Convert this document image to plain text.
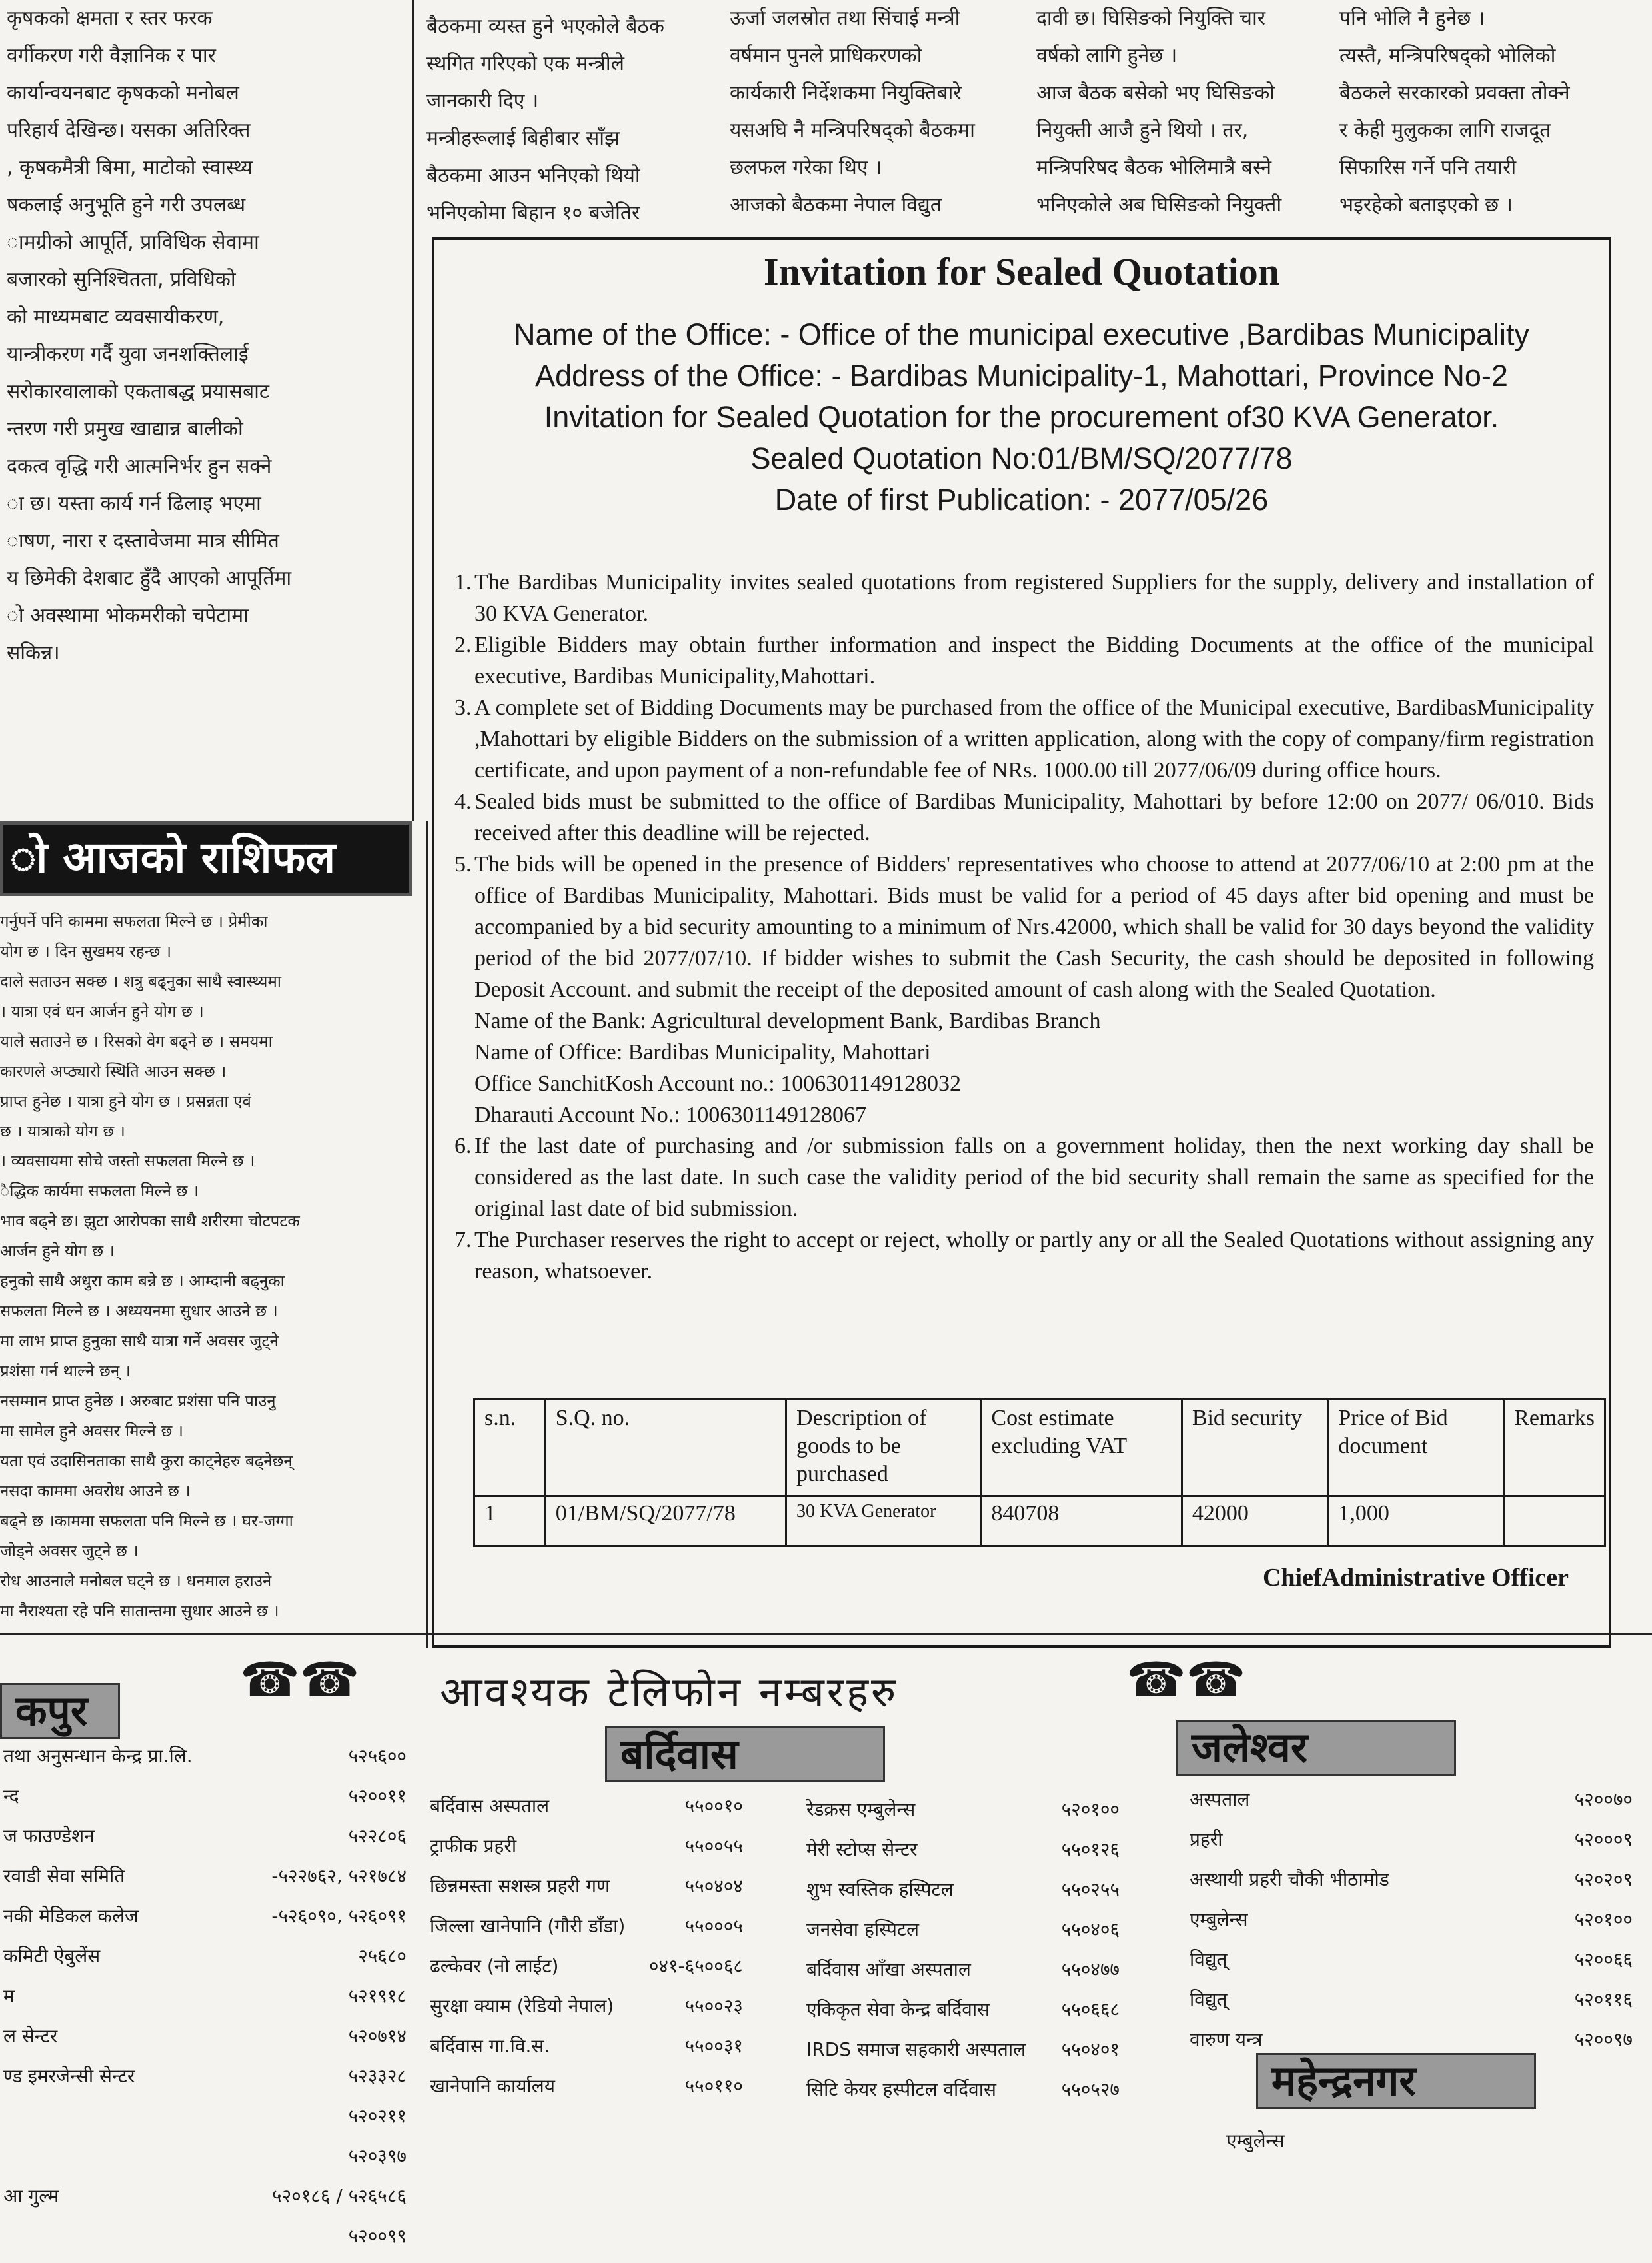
कृषकको क्षमता र स्तर फरक

वर्गीकरण गरी वैज्ञानिक र पार

कार्यान्वयनबाट कृषकको मनोबल

परिहार्य देखिन्छ। यसका अतिरिक्त

, कृषकमैत्री बिमा, माटोको स्वास्थ्य

षकलाई अनुभूति हुने गरी उपलब्ध

ामग्रीको आपूर्ति, प्राविधिक सेवामा

बजारको सुनिश्चितता, प्रविधिको

को माध्यमबाट व्यवसायीकरण,

यान्त्रीकरण गर्दै युवा जनशक्तिलाई

सरोकारवालाको एकताबद्ध प्रयासबाट

न्तरण गरी प्रमुख खाद्यान्न बालीको

दकत्व वृद्धि गरी आत्मनिर्भर हुन सक्ने

ा छ। यस्ता कार्य गर्न ढिलाइ भएमा

ाषण, नारा र दस्तावेजमा मात्र सीमित

य छिमेकी देशबाट हुँदै आएको आपूर्तिमा

ो अवस्थामा भोकमरीको चपेटामा

सकिन्न।

बैठकमा व्यस्त हुने भएकोले बैठक

स्थगित गरिएको एक मन्त्रीले

जानकारी दिए ।

मन्त्रीहरूलाई बिहीबार साँझ

बैठकमा आउन भनिएको थियो

भनिएकोमा बिहान १० बजेतिर

ऊर्जा जलस्रोत तथा सिंचाई मन्त्री

वर्षमान पुनले प्राधिकरणको

कार्यकारी निर्देशकमा नियुक्तिबारे

यसअघि नै मन्त्रिपरिषद्को बैठकमा

छलफल गरेका थिए ।

आजको बैठकमा नेपाल विद्युत

दावी छ। घिसिङको नियुक्ति चार

वर्षको लागि हुनेछ ।

आज बैठक बसेको भए घिसिङको

नियुक्ती आजै हुने थियो । तर,

मन्त्रिपरिषद बैठक भोलिमात्रै बस्ने

भनिएकोले अब घिसिङको नियुक्ती

पनि भोलि नै हुनेछ ।

त्यस्तै, मन्त्रिपरिषद्को भोलिको

बैठकले सरकारको प्रवक्ता तोक्ने

र केही मुलुकका लागि राजदूत

सिफारिस गर्ने पनि तयारी

भइरहेको बताइएको छ ।

ो आजको राशिफल

गर्नुपर्ने पनि काममा सफलता मिल्ने छ । प्रेमीका

योग छ । दिन सुखमय रहन्छ ।

दाले सताउन सक्छ । शत्रु बढ्नुका साथै स्वास्थ्यमा

। यात्रा एवं धन आर्जन हुने योग छ ।

याले सताउने छ । रिसको वेग बढ्ने छ । समयमा

कारणले अप्ठ्यारो स्थिति आउन सक्छ ।

प्राप्त हुनेछ । यात्रा हुने योग छ । प्रसन्नता एवं

छ । यात्राको योग छ ।

। व्यवसायमा सोचे जस्तो सफलता मिल्ने छ ।

ैद्धिक कार्यमा सफलता मिल्ने छ ।

भाव बढ्ने छ। झुटा आरोपका साथै शरीरमा चोटपटक

आर्जन हुने योग छ ।

हनुको साथै अधुरा काम बन्ने छ । आम्दानी बढ्नुका

सफलता मिल्ने छ । अध्ययनमा सुधार आउने छ ।

मा लाभ प्राप्त हुनुका साथै यात्रा गर्ने अवसर जुट्ने

प्रशंसा गर्न थाल्ने छन् ।

नसम्मान प्राप्त हुनेछ । अरुबाट प्रशंसा पनि पाउनु

मा सामेल हुने अवसर मिल्ने छ ।

यता एवं उदासिनताका साथै कुरा काट्नेहरु बढ्नेछन्

नसदा काममा अवरोध आउने छ ।

बढ्ने छ ।काममा सफलता पनि मिल्ने छ । घर-जग्गा

जोड्ने अवसर जुट्ने छ ।

रोध आउनाले मनोबल घट्ने छ । धनमाल हराउने

मा नैराश्यता रहे पनि सातान्तमा सुधार आउने छ ।

Invitation for Sealed Quotation
Name of the Office: - Office of the municipal executive ,Bardibas Municipality
Address of the Office: - Bardibas Municipality-1, Mahottari, Province No-2
Invitation for Sealed Quotation for the procurement of30 KVA Generator.
Sealed Quotation No:01/BM/SQ/2077/78
Date of first Publication: - 2077/05/26

1. The Bardibas Municipality invites sealed quotations from registered Suppliers for the supply, delivery and installation of 30 KVA Generator.

2. Eligible Bidders may obtain further information and inspect the Bidding Documents at the office of the municipal executive, Bardibas Municipality,Mahottari.

3. A complete set of Bidding Documents may be purchased from the office of the Municipal executive, BardibasMunicipality ,Mahottari by eligible Bidders on the submission of a written application, along with the copy of company/firm registration certificate, and upon payment of a non-refundable fee of NRs. 1000.00 till 2077/06/09 during office hours.

4. Sealed bids must be submitted to the office of Bardibas Municipality, Mahottari by before 12:00 on 2077/ 06/010. Bids received after this deadline will be rejected.

5. The bids will be opened in the presence of Bidders' representatives who choose to attend at 2077/06/10 at 2:00 pm at the office of Bardibas Municipality, Mahottari. Bids must be valid for a period of 45 days after bid opening and must be accompanied by a bid security amounting to a minimum of Nrs.42000, which shall be valid for 30 days beyond the validity period of the bid 2077/07/10. If bidder wishes to submit the Cash Security, the cash should be deposited in following Deposit Account. and submit the receipt of the deposited amount of cash along with the Sealed Quotation.

Name of the Bank: Agricultural development Bank, Bardibas Branch

Name of Office: Bardibas Municipality, Mahottari

Office SanchitKosh Account no.: 1006301149128032

Dharauti Account No.: 1006301149128067

6. If the last date of purchasing and /or submission falls on a government holiday, then the next working day shall be considered as the last date. In such case the validity period of the bid security shall remain the same as specified for the original last date of bid submission.

7. The Purchaser reserves the right to accept or reject, wholly or partly any or all the Sealed Quotations without assigning any reason, whatsoever.

s.n.	S.Q. no.	Description of goods to be purchased	Cost estimate excluding VAT	Bid security	Price of Bid document	Remarks
1	01/BM/SQ/2077/78	30 KVA Generator	840708	42000	1,000	
ChiefAdministrative Officer
☎☎ आवश्यक टेलिफोन नम्बरहरु	☎☎
कपुर
बर्दिवास	जलेश्वर
महेन्द्रनगर
तथा अनुसन्धान केन्द्र प्रा.लि.	५२५६००
न्द	५२००११
ज फाउण्डेशन	५२२८०६
रवाडी सेवा समिति	-५२२७६२, ५२१७८४
नकी मेडिकल कलेज	-५२६०९०, ५२६०९१
कमिटी ऐबुलेंस	२५६८०
म	५२१९१८
ल सेन्टर	५२०७१४
ण्ड इमरजेन्सी सेन्टर	५२३३२८
५२०२११
५२०३९७
आ गुल्म	५२०१८६ / ५२६५८६
५२००९९
बर्दिवास अस्पताल	५५००१०
ट्राफीक प्रहरी	५५००५५
छिन्नमस्ता सशस्त्र प्रहरी गण	५५०४०४
जिल्ला खानेपानि (गौरी डाँडा)	५५०००५
ढल्केवर (नो लाईट)	०४१-६५००६८
सुरक्षा क्याम (रेडियो नेपाल)	५५००२३
बर्दिवास गा.वि.स.	५५००३१
खानेपानि कार्यालय	५५०११०
रेडक्रस एम्बुलेन्स	५२०१००
मेरी स्टोप्स सेन्टर	५५०१२६
शुभ स्वस्तिक हस्पिटल	५५०२५५
जनसेवा हस्पिटल	५५०४०६
बर्दिवास आँखा अस्पताल	५५०४७७
एकिकृत सेवा केन्द्र बर्दिवास	५५०६६८
IRDS समाज सहकारी अस्पताल ५५०४०१
सिटि केयर हस्पीटल वर्दिवास	५५०५२७
अस्पताल	५२००७०
प्रहरी	५२०००९
अस्थायी प्रहरी चौकी भीठामोड	५२०२०९
एम्बुलेन्स	५२०१००
विद्युत्	५२००६६
विद्युत्	५२०११६
वारुण यन्त्र	५२००९७
एम्बुलेन्स
